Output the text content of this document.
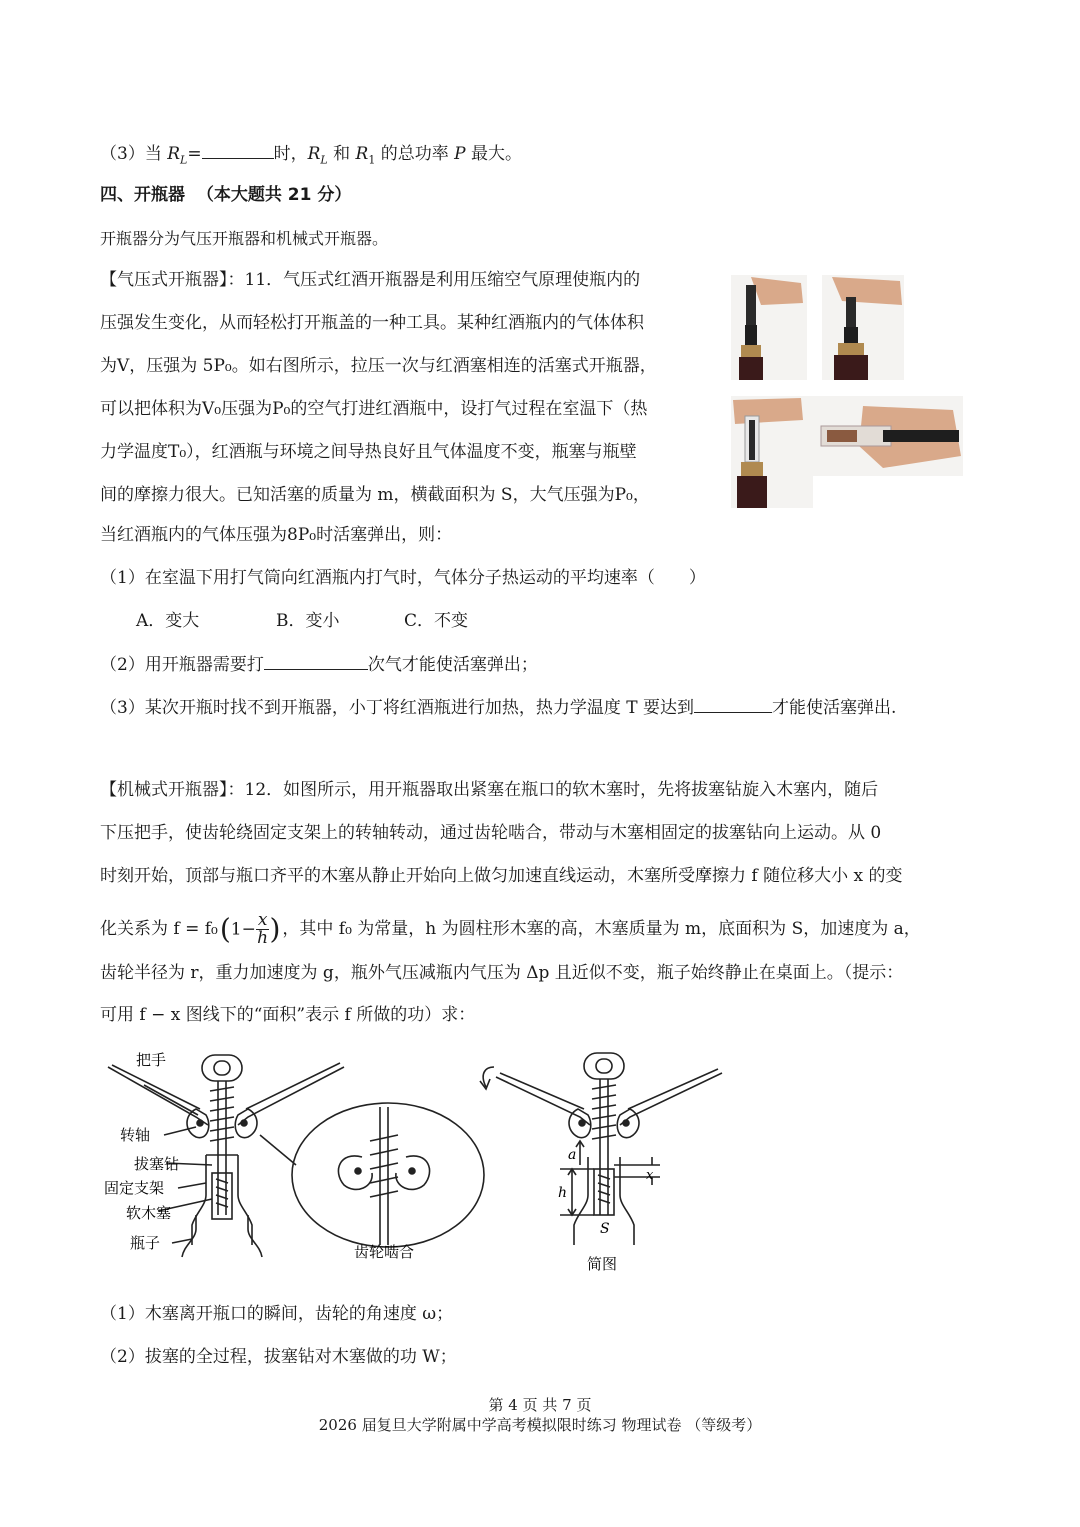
（3）当 $R_L=$	时，$R_L$ 和 $R_1$ 的总功率 P 最大。
四、开瓶器 （本大题共 21 分）
开瓶器分为气压开瓶器和机械式开瓶器。
【气压式开瓶器】：11．气压式红酒开瓶器是利用压缩空气原理使瓶内的
压强发生变化，从而轻松打开瓶盖的一种工具。某种红酒瓶内的气体体积
为V，压强为 5P₀。如右图所示，拉压一次与红酒塞相连的活塞式开瓶器，
可以把体积为V₀压强为P₀的空气打进红酒瓶中，设打气过程在室温下（热
力学温度T₀），红酒瓶与环境之间导热良好且气体温度不变，瓶塞与瓶壁
间的摩擦力很大。已知活塞的质量为 m，横截面积为 S，大气压强为P₀，
当红酒瓶内的气体压强为8P₀时活塞弹出，则：
（1）在室温下用打气筒向红酒瓶内打气时，气体分子热运动的平均速率（　　）
A．变大	B．变小	C．不变
（2）用开瓶器需要打	次气才能使活塞弹出；
（3）某次开瓶时找不到开瓶器，小丁将红酒瓶进行加热，热力学温度 T 要达到	才能使活塞弹出.
【机械式开瓶器】：12．如图所示，用开瓶器取出紧塞在瓶口的软木塞时，先将拔塞钻旋入木塞内，随后
下压把手，使齿轮绕固定支架上的转轴转动，通过齿轮啮合，带动与木塞相固定的拔塞钻向上运动。从 0
时刻开始，顶部与瓶口齐平的木塞从静止开始向上做匀加速直线运动，木塞所受摩擦力 f 随位移大小 x 的变
化关系为 $f = f_0(1- \frac{x}{h}$ ) ，其中 f₀ 为常量，h 为圆柱形木塞的高，木塞质量为 m，底面积为 S，加速度为 a，
齿轮半径为 r，重力加速度为 g，瓶外气压减瓶内气压为 Δp 且近似不变，瓶子始终静止在桌面上。（提示：
可用 f − x 图线下的“面积”表示 f 所做的功）求：
把手
转轴
拔塞钻
固定支架
软木塞
瓶子	齿轮啮合
简图
a
h
x
S
（1）木塞离开瓶口的瞬间，齿轮的角速度 ω；
（2）拔塞的全过程，拔塞钻对木塞做的功 W；
第 4 页 共 7 页
2026 届复旦大学附属中学高考模拟限时练习 物理试卷 （等级考）
